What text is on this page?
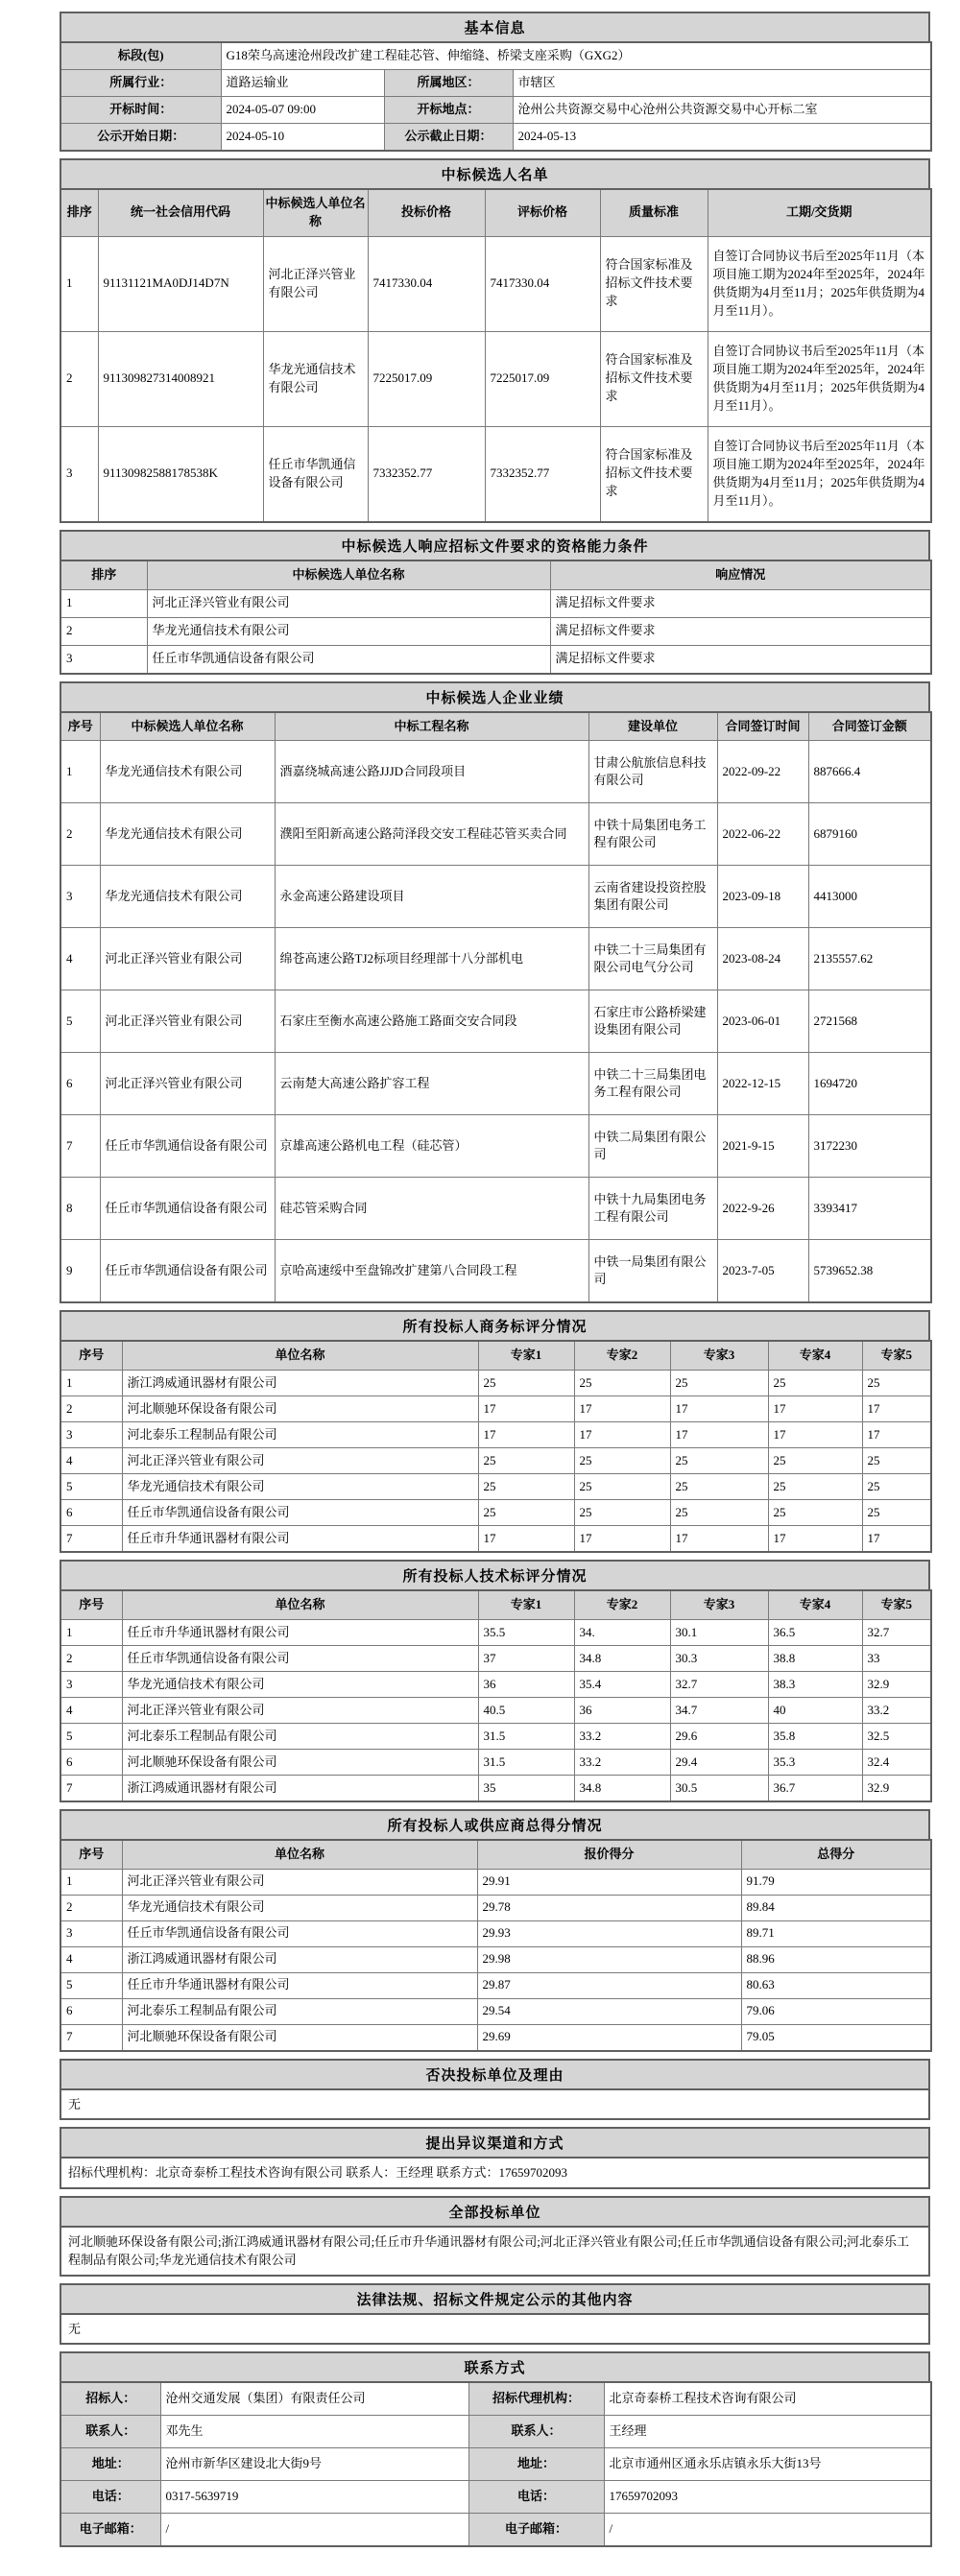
基本信息
标段(包)	G18荣乌高速沧州段改扩建工程硅芯管、伸缩缝、桥梁支座采购（GXG2）		
所属行业：	道路运输业	所属地区：	市辖区
开标时间：	2024-05-07 09:00	开标地点：	沧州公共资源交易中心沧州公共资源交易中心开标二室
公示开始日期：	2024-05-10	公示截止日期：	2024-05-13
中标候选人名单
排序	统一社会信用代码	中标候选人单位名称	投标价格	评标价格	质量标准	工期/交货期
1	91131121MA0DJ14D7N	河北正泽兴管业有限公司	7417330.04	7417330.04	符合国家标准及招标文件技术要求	自签订合同协议书后至2025年11月（本项目施工期为2024年至2025年，2024年供货期为4月至11月；2025年供货期为4月至11月）。
2	911309827314008921	华龙光通信技术有限公司	7225017.09	7225017.09	符合国家标准及招标文件技术要求	自签订合同协议书后至2025年11月（本项目施工期为2024年至2025年，2024年供货期为4月至11月；2025年供货期为4月至11月）。
3	91130982588178538K	任丘市华凯通信设备有限公司	7332352.77	7332352.77	符合国家标准及招标文件技术要求	自签订合同协议书后至2025年11月（本项目施工期为2024年至2025年，2024年供货期为4月至11月；2025年供货期为4月至11月）。
中标候选人响应招标文件要求的资格能力条件
排序	中标候选人单位名称	响应情况
1	河北正泽兴管业有限公司	满足招标文件要求
2	华龙光通信技术有限公司	满足招标文件要求
3	任丘市华凯通信设备有限公司	满足招标文件要求
中标候选人企业业绩
序号	中标候选人单位名称	中标工程名称	建设单位	合同签订时间	合同签订金额
1	华龙光通信技术有限公司	酒嘉绕城高速公路JJJD合同段项目	甘肃公航旅信息科技有限公司	2022-09-22	887666.4
2	华龙光通信技术有限公司	濮阳至阳新高速公路菏泽段交安工程硅芯管买卖合同	中铁十局集团电务工程有限公司	2022-06-22	6879160
3	华龙光通信技术有限公司	永金高速公路建设项目	云南省建设投资控股集团有限公司	2023-09-18	4413000
4	河北正泽兴管业有限公司	绵苍高速公路TJ2标项目经理部十八分部机电	中铁二十三局集团有限公司电气分公司	2023-08-24	2135557.62
5	河北正泽兴管业有限公司	石家庄至衡水高速公路施工路面交安合同段	石家庄市公路桥梁建设集团有限公司	2023-06-01	2721568
6	河北正泽兴管业有限公司	云南楚大高速公路扩容工程	中铁二十三局集团电务工程有限公司	2022-12-15	1694720
7	任丘市华凯通信设备有限公司	京雄高速公路机电工程（硅芯管）	中铁二局集团有限公司	2021-9-15	3172230
8	任丘市华凯通信设备有限公司	硅芯管采购合同	中铁十九局集团电务工程有限公司	2022-9-26	3393417
9	任丘市华凯通信设备有限公司	京哈高速绥中至盘锦改扩建第八合同段工程	中铁一局集团有限公司	2023-7-05	5739652.38
所有投标人商务标评分情况
序号	单位名称	专家1	专家2	专家3	专家4	专家5
1	浙江鸿威通讯器材有限公司	25	25	25	25	25
2	河北顺驰环保设备有限公司	17	17	17	17	17
3	河北泰乐工程制品有限公司	17	17	17	17	17
4	河北正泽兴管业有限公司	25	25	25	25	25
5	华龙光通信技术有限公司	25	25	25	25	25
6	任丘市华凯通信设备有限公司	25	25	25	25	25
7	任丘市升华通讯器材有限公司	17	17	17	17	17
所有投标人技术标评分情况
序号	单位名称	专家1	专家2	专家3	专家4	专家5
1	任丘市升华通讯器材有限公司	35.5	34.	30.1	36.5	32.7
2	任丘市华凯通信设备有限公司	37	34.8	30.3	38.8	33
3	华龙光通信技术有限公司	36	35.4	32.7	38.3	32.9
4	河北正泽兴管业有限公司	40.5	36	34.7	40	33.2
5	河北泰乐工程制品有限公司	31.5	33.2	29.6	35.8	32.5
6	河北顺驰环保设备有限公司	31.5	33.2	29.4	35.3	32.4
7	浙江鸿威通讯器材有限公司	35	34.8	30.5	36.7	32.9
所有投标人或供应商总得分情况
序号	单位名称	报价得分	总得分
1	河北正泽兴管业有限公司	29.91	91.79
2	华龙光通信技术有限公司	29.78	89.84
3	任丘市华凯通信设备有限公司	29.93	89.71
4	浙江鸿威通讯器材有限公司	29.98	88.96
5	任丘市升华通讯器材有限公司	29.87	80.63
6	河北泰乐工程制品有限公司	29.54	79.06
7	河北顺驰环保设备有限公司	29.69	79.05
否决投标单位及理由
无
提出异议渠道和方式
招标代理机构：北京奇泰桥工程技术咨询有限公司 联系人：王经理 联系方式：17659702093
全部投标单位
河北顺驰环保设备有限公司;浙江鸿威通讯器材有限公司;任丘市升华通讯器材有限公司;河北正泽兴管业有限公司;任丘市华凯通信设备有限公司;河北泰乐工程制品有限公司;华龙光通信技术有限公司
法律法规、招标文件规定公示的其他内容
无
联系方式
招标人：	沧州交通发展（集团）有限责任公司	招标代理机构：	北京奇泰桥工程技术咨询有限公司
联系人：	邓先生	联系人：	王经理
地址：	沧州市新华区建设北大街9号	地址：	北京市通州区通永乐店镇永乐大街13号
电话：	0317-5639719	电话：	17659702093
电子邮箱：	/	电子邮箱：	/
